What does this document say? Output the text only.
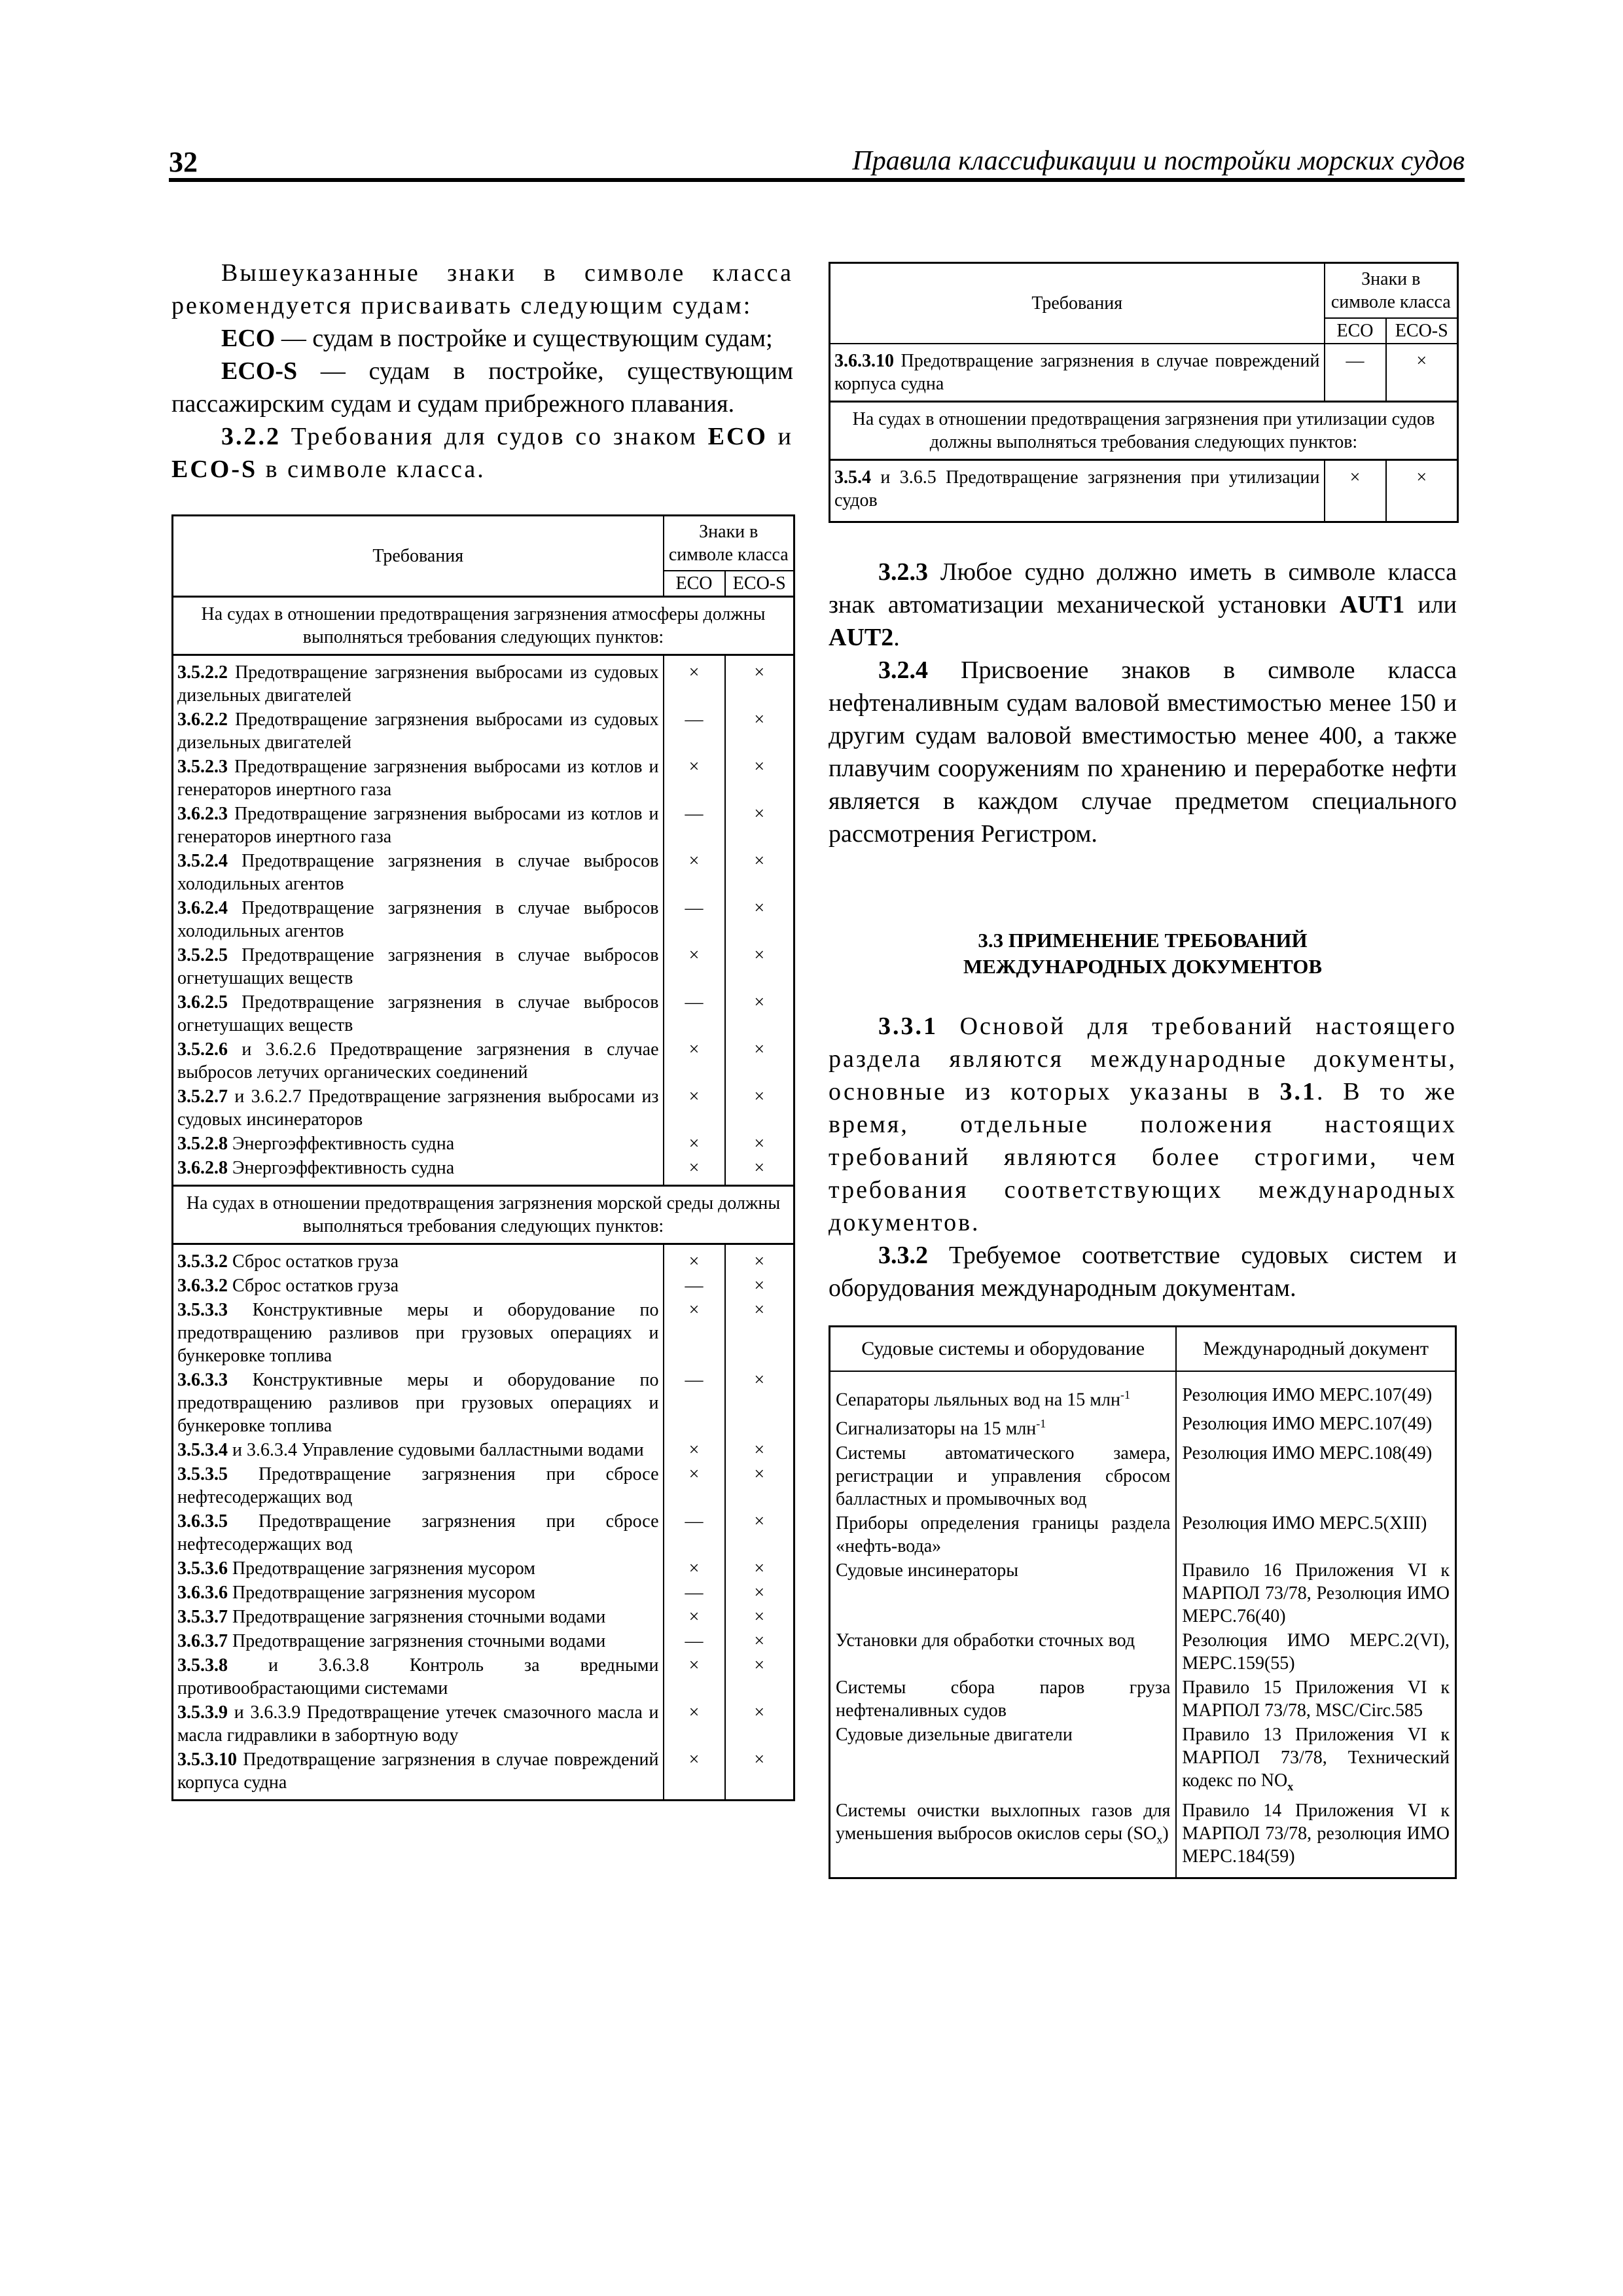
32	Правила классификации и постройки морских судов

Вышеуказанные знаки в символе класса рекомендуется присваивать следующим судам:

ECO — судам в постройке и существующим судам;

ECO-S — судам в постройке, существующим пассажирским судам и судам прибрежного плавания.

3.2.2 Требования для судов со знаком ECO и ECO-S в символе класса.

Требования	Знаки в символе класса	
	ECO	ECO-S
На судах в отношении предотвращения загрязнения атмосферы должны выполняться требования следующих пунктов:		
3.5.2.2 Предотвращение загрязнения выбросами из судовых дизельных двигателей	×	×
3.6.2.2 Предотвращение загрязнения выбросами из судовых дизельных двигателей	—	×
3.5.2.3 Предотвращение загрязнения выбросами из котлов и генераторов инертного газа	×	×
3.6.2.3 Предотвращение загрязнения выбросами из котлов и генераторов инертного газа	—	×
3.5.2.4 Предотвращение загрязнения в случае выбросов холодильных агентов	×	×
3.6.2.4 Предотвращение загрязнения в случае выбросов холодильных агентов	—	×
3.5.2.5 Предотвращение загрязнения в случае выбросов огнетушащих веществ	×	×
3.6.2.5 Предотвращение загрязнения в случае выбросов огнетушащих веществ	—	×
3.5.2.6 и 3.6.2.6 Предотвращение загрязнения в случае выбросов летучих органических соединений	×	×
3.5.2.7 и 3.6.2.7 Предотвращение загрязнения выбросами из судовых инсинераторов	×	×
3.5.2.8 Энергоэффективность судна	×	×
3.6.2.8 Энергоэффективность судна	×	×
На судах в отношении предотвращения загрязнения морской среды должны выполняться требования следующих пунктов:		
3.5.3.2 Сброс остатков груза	×	×
3.6.3.2 Сброс остатков груза	—	×
3.5.3.3 Конструктивные меры и оборудование по предотвращению разливов при грузовых операциях и бункеровке топлива	×	×
3.6.3.3 Конструктивные меры и оборудование по предотвращению разливов при грузовых операциях и бункеровке топлива	—	×
3.5.3.4 и 3.6.3.4 Управление судовыми балластными водами	×	×
3.5.3.5 Предотвращение загрязнения при сбросе нефтесодержащих вод	×	×
3.6.3.5 Предотвращение загрязнения при сбросе нефтесодержащих вод	—	×
3.5.3.6 Предотвращение загрязнения мусором	×	×
3.6.3.6 Предотвращение загрязнения мусором	—	×
3.5.3.7 Предотвращение загрязнения сточными водами	×	×
3.6.3.7 Предотвращение загрязнения сточными водами	—	×
3.5.3.8 и 3.6.3.8 Контроль за вредными противообрастающими системами	×	×
3.5.3.9 и 3.6.3.9 Предотвращение утечек смазочного масла и масла гидравлики в забортную воду	×	×
3.5.3.10 Предотвращение загрязнения в случае повреждений корпуса судна	×	×
Требования	Знаки в символе класса	
	ECO	ECO-S
3.6.3.10 Предотвращение загрязнения в случае повреждений корпуса судна	—	×
На судах в отношении предотвращения загрязнения при утилизации судов должны выполняться требования следующих пунктов:		
3.5.4 и 3.6.5 Предотвращение загрязнения при утилизации судов	×	×

3.2.3 Любое судно должно иметь в символе класса знак автоматизации механической установки AUT1 или AUT2.

3.2.4 Присвоение знаков в символе класса нефтеналивным судам валовой вместимостью менее 150 и другим судам валовой вместимостью менее 400, а также плавучим сооружениям по хранению и переработке нефти является в каждом случае предметом специального рассмотрения Регистром.

3.3 ПРИМЕНЕНИЕ ТРЕБОВАНИЙ

МЕЖДУНАРОДНЫХ ДОКУМЕНТОВ

3.3.1 Основой для требований настоящего раздела являются международные документы, основные из которых указаны в 3.1. В то же время, отдельные положения настоящих требований являются более строгими, чем требования соответствующих международных документов.

3.3.2 Требуемое соответствие судовых систем и оборудования международным документам.

Судовые системы и оборудование	Международный документ
Сепараторы льяльных вод на 15 млн$^{-1}$	Резолюция ИМО МЕРС.107(49)
Сигнализаторы на 15 млн$^{-1}$	Резолюция ИМО МЕРС.107(49)
Системы автоматического замера, регистрации и управления сбросом балластных и промывочных вод	Резолюция ИМО МЕРС.108(49)
Приборы определения границы раздела «нефть-вода»	Резолюция ИМО МЕРС.5(XIII)
Судовые инсинераторы	Правило 16 Приложения VI к МАРПОЛ 73/78, Резолюция ИМО МЕРС.76(40)
Установки для обработки сточных вод	Резолюция ИМО МЕРС.2(VI), МЕРС.159(55)
Системы сбора паров груза нефтеналивных судов	Правило 15 Приложения VI к МАРПОЛ 73/78, MSC/Circ.585
Судовые дизельные двигатели	Правило 13 Приложения VI к МАРПОЛ 73/78, Технический кодекс по $NO_x$
Системы очистки выхлопных газов для уменьшения выбросов окислов серы $(SO_x)$	Правило 14 Приложения VI к МАРПОЛ 73/78, резолюция ИМО МЕРС.184(59)
